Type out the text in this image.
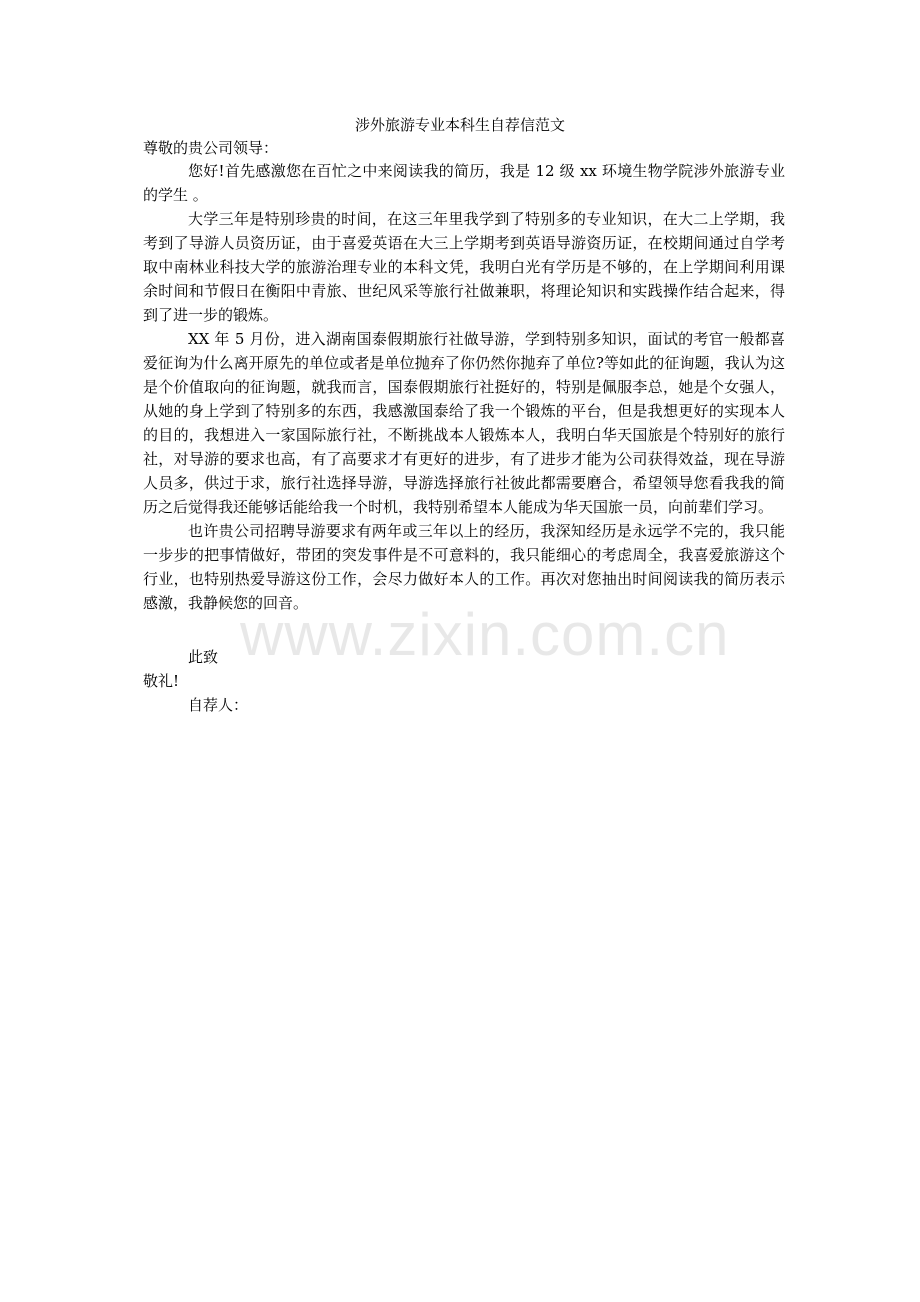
涉外旅游专业本科生自荐信范文
尊敬的贵公司领导：

您好!首先感激您在百忙之中来阅读我的简历，我是 12 级 xx 环境生物学院涉外旅游专业的学生 。

大学三年是特别珍贵的时间，在这三年里我学到了特别多的专业知识，在大二上学期，我考到了导游人员资历证，由于喜爱英语在大三上学期考到英语导游资历证，在校期间通过自学考取中南林业科技大学的旅游治理专业的本科文凭，我明白光有学历是不够的，在上学期间利用课余时间和节假日在衡阳中青旅、世纪风采等旅行社做兼职，将理论知识和实践操作结合起来，得到了进一步的锻炼。

XX 年 5 月份，进入湖南国泰假期旅行社做导游，学到特别多知识，面试的考官一般都喜爱征询为什么离开原先的单位或者是单位抛弃了你仍然你抛弃了单位?等如此的征询题，我认为这是个价值取向的征询题，就我而言，国泰假期旅行社挺好的，特别是佩服李总，她是个女强人，从她的身上学到了特别多的东西，我感激国泰给了我一个锻炼的平台，但是我想更好的实现本人的目的，我想进入一家国际旅行社，不断挑战本人锻炼本人，我明白华天国旅是个特别好的旅行社，对导游的要求也高，有了高要求才有更好的进步，有了进步才能为公司获得效益，现在导游人员多，供过于求，旅行社选择导游，导游选择旅行社彼此都需要磨合，希望领导您看我我的简历之后觉得我还能够话能给我一个时机，我特别希望本人能成为华天国旅一员，向前辈们学习。

也许贵公司招聘导游要求有两年或三年以上的经历，我深知经历是永远学不完的，我只能一步步的把事情做好，带团的突发事件是不可意料的，我只能细心的考虑周全，我喜爱旅游这个行业，也特别热爱导游这份工作，会尽力做好本人的工作。再次对您抽出时间阅读我的简历表示感激，我静候您的回音。

此致
敬礼!
自荐人：
www.zixin.com.cn
